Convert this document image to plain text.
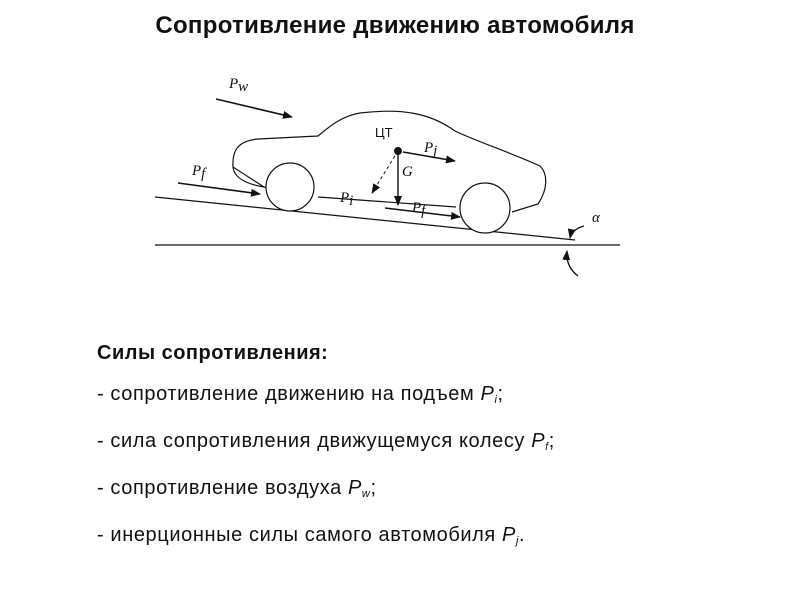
Сопротивление движению автомобиля
Pw
ЦТ
Pj
G
Pf
Pi	Pf	α
Силы сопротивления:
- сопротивление движению на подъем $P_i$;
- сила сопротивления движущемуся колесу $P_f$;
- сопротивление воздуха $P_w$;
- инерционные силы самого автомобиля $P_j$.
